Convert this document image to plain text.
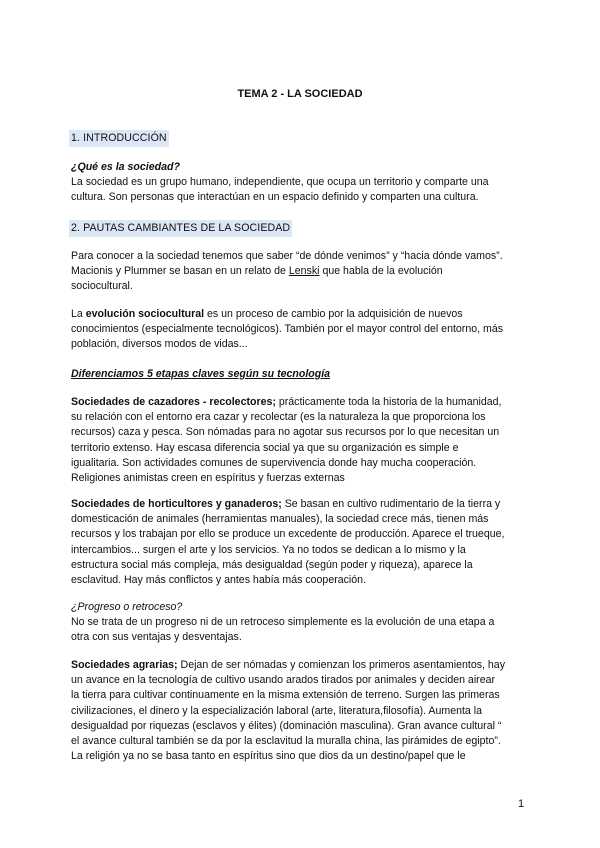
TEMA 2 - LA SOCIEDAD
1. INTRODUCCIÓN

¿Qué es la sociedad?

La sociedad es un grupo humano, independiente, que ocupa un territorio y comparte una

cultura. Son personas que interactúan en un espacio definido y comparten una cultura.

2. PAUTAS CAMBIANTES DE LA SOCIEDAD

Para conocer a la sociedad tenemos que saber “de dónde venimos” y “hacia dónde vamos”.

Macionis y Plummer se basan en un relato de Lenski que habla de la evolución

sociocultural.

La evolución sociocultural es un proceso de cambio por la adquisición de nuevos

conocimientos (especialmente tecnológicos). También por el mayor control del entorno, más

población, diversos modos de vidas...

Diferenciamos 5 etapas claves según su tecnología

Sociedades de cazadores - recolectores; prácticamente toda la historia de la humanidad,

su relación con el entorno era cazar y recolectar (es la naturaleza la que proporciona los

recursos) caza y pesca. Son nómadas para no agotar sus recursos por lo que necesitan un

territorio extenso. Hay escasa diferencia social ya que su organización es simple e

igualitaria. Son actividades comunes de supervivencia donde hay mucha cooperación.

Religiones animistas creen en espíritus y fuerzas externas

Sociedades de horticultores y ganaderos; Se basan en cultivo rudimentario de la tierra y

domesticación de animales (herramientas manuales), la sociedad crece más, tienen más

recursos y los trabajan por ello se produce un excedente de producción. Aparece el trueque,

intercambios... surgen el arte y los servicios. Ya no todos se dedican a lo mismo y la

estructura social más compleja, más desigualdad (según poder y riqueza), aparece la

esclavitud. Hay más conflictos y antes había más cooperación.

¿Progreso o retroceso?

No se trata de un progreso ni de un retroceso simplemente es la evolución de una etapa a

otra con sus ventajas y desventajas.

Sociedades agrarias; Dejan de ser nómadas y comienzan los primeros asentamientos, hay

un avance en la tecnología de cultivo usando arados tirados por animales y deciden airear

la tierra para cultivar continuamente en la misma extensión de terreno. Surgen las primeras

civilizaciones, el dinero y la especialización laboral (arte, literatura,filosofía). Aumenta la

desigualdad por riquezas (esclavos y élites) (dominación masculina). Gran avance cultural “

el avance cultural también se da por la esclavitud la muralla china, las pirámides de egipto”.

La religión ya no se basa tanto en espíritus sino que dios da un destino/papel que le

1
